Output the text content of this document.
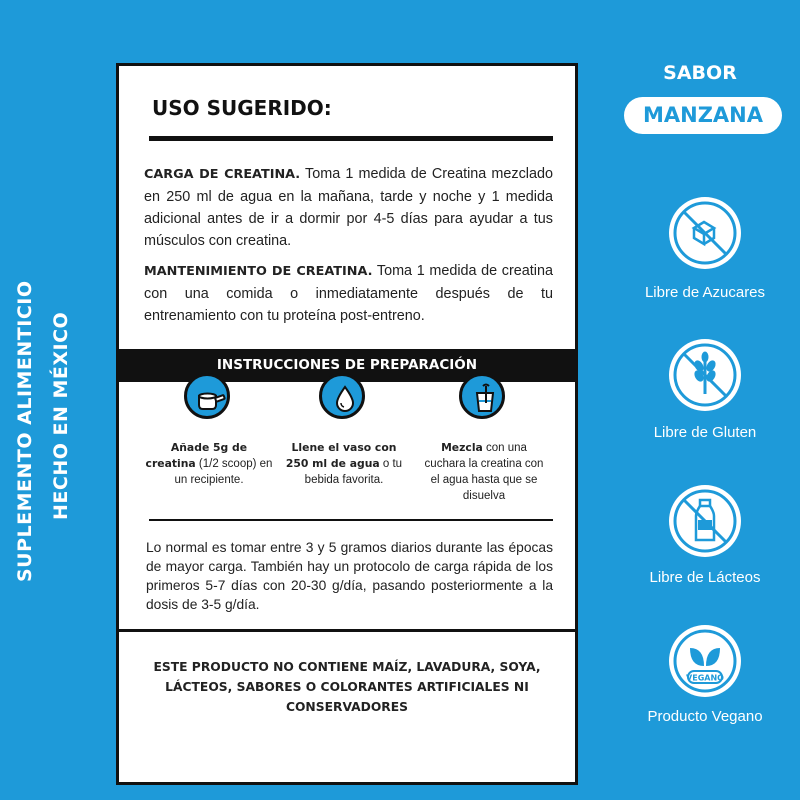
SUPLEMENTO ALIMENTICIO HECHO EN MÉXICO
USO SUGERIDO:
CARGA DE CREATINA. Toma 1 medida de Creatina mezclado en 250 ml de agua en la mañana, tarde y noche y 1 medida adicional antes de ir a dormir por 4-5 días para ayudar a tus músculos con creatina.
MANTENIMIENTO DE CREATINA. Toma 1 medida de creatina con una comida o inmediatamente después de tu entrenamiento con tu proteína post-entreno.
INSTRUCCIONES DE PREPARACIÓN
Añade 5g de creatina (1/2 scoop) en un recipiente.
Llene el vaso con 250 ml de agua o tu bebida favorita.
Mezcla con una cuchara la creatina con el agua hasta que se disuelva
Lo normal es tomar entre 3 y 5 gramos diarios durante las épocas de mayor carga. También hay un protocolo de carga rápida de los primeros 5-7 días con 20-30 g/día, pasando posteriormente a la dosis de 3-5 g/día.
ESTE PRODUCTO NO CONTIENE MAÍZ, LAVADURA, SOYA, LÁCTEOS, SABORES O COLORANTES ARTIFICIALES NI CONSERVADORES
SABOR
MANZANA
Libre de Azucares
Libre de Gluten
Libre de Lácteos
VEGANO
Producto Vegano
